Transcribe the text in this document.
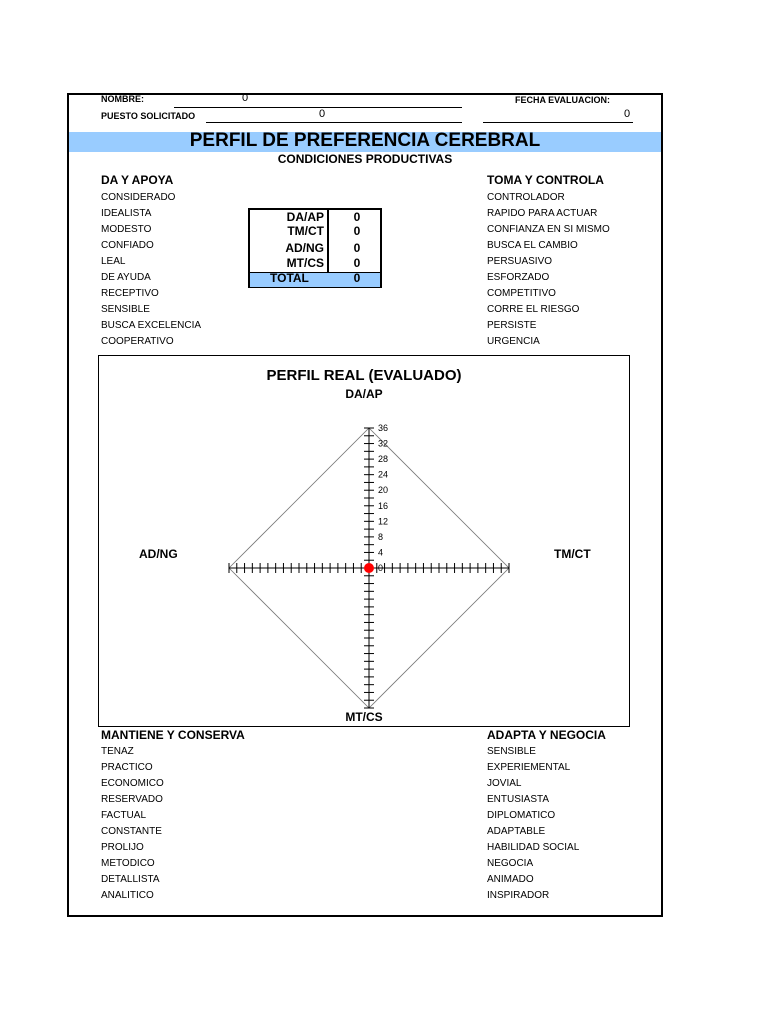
NOMBRE:	0
PUESTO SOLICITADO	0
FECHA EVALUACION:
0
PERFIL DE PREFERENCIA CEREBRAL
CONDICIONES PRODUCTIVAS
DA Y APOYA
CONSIDERADO
IDEALISTA
MODESTO
CONFIADO
LEAL
DE AYUDA
RECEPTIVO
SENSIBLE
BUSCA EXCELENCIA
COOPERATIVO
TOMA Y CONTROLA
CONTROLADOR
RAPIDO PARA ACTUAR
CONFIANZA EN SI MISMO
BUSCA EL CAMBIO
PERSUASIVO
ESFORZADO
COMPETITIVO
CORRE EL RIESGO
PERSISTE
URGENCIA
DA/AP	0
TM/CT	0
AD/NG	0
MT/CS	0
TOTAL	0
PERFIL REAL (EVALUADO)
DA/AP
AD/NG	TM/CT
MT/CS
0
4
8
12
16
20
24
28
32
36
MANTIENE Y CONSERVA
TENAZ
PRACTICO
ECONOMICO
RESERVADO
FACTUAL
CONSTANTE
PROLIJO
METODICO
DETALLISTA
ANALITICO
ADAPTA Y NEGOCIA
SENSIBLE
EXPERIEMENTAL
JOVIAL
ENTUSIASTA
DIPLOMATICO
ADAPTABLE
HABILIDAD SOCIAL
NEGOCIA
ANIMADO
INSPIRADOR
